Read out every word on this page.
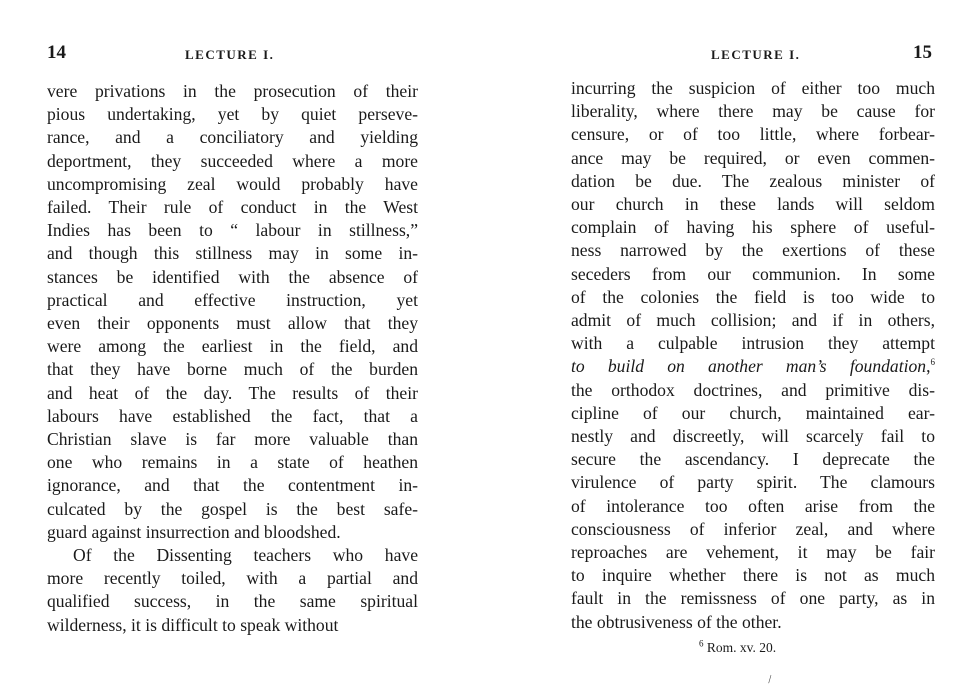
14	LECTURE I.
vere privations in the prosecution of their
pious undertaking, yet by quiet perseve-
rance, and a conciliatory and yielding
deportment, they succeeded where a more
uncompromising zeal would probably have
failed. Their rule of conduct in the West
Indies has been to “ labour in stillness,”
and though this stillness may in some in-
stances be identified with the absence of
practical and effective instruction, yet
even their opponents must allow that they
were among the earliest in the field, and
that they have borne much of the burden
and heat of the day. The results of their
labours have established the fact, that a
Christian slave is far more valuable than
one who remains in a state of heathen
ignorance, and that the contentment in-
culcated by the gospel is the best safe-
guard against insurrection and bloodshed.
Of the Dissenting teachers who have
more recently toiled, with a partial and
qualified success, in the same spiritual
wilderness, it is difficult to speak without
LECTURE I.	15
incurring the suspicion of either too much
liberality, where there may be cause for
censure, or of too little, where forbear-
ance may be required, or even commen-
dation be due. The zealous minister of
our church in these lands will seldom
complain of having his sphere of useful-
ness narrowed by the exertions of these
seceders from our communion. In some
of the colonies the field is too wide to
admit of much collision; and if in others,
with a culpable intrusion they attempt
to build on another man’s foundation,$^6$
the orthodox doctrines, and primitive dis-
cipline of our church, maintained ear-
nestly and discreetly, will scarcely fail to
secure the ascendancy. I deprecate the
virulence of party spirit. The clamours
of intolerance too often arise from the
consciousness of inferior zeal, and where
reproaches are vehement, it may be fair
to inquire whether there is not as much
fault in the remissness of one party, as in
the obtrusiveness of the other.
$^6$ Rom. xv. 20.
\
